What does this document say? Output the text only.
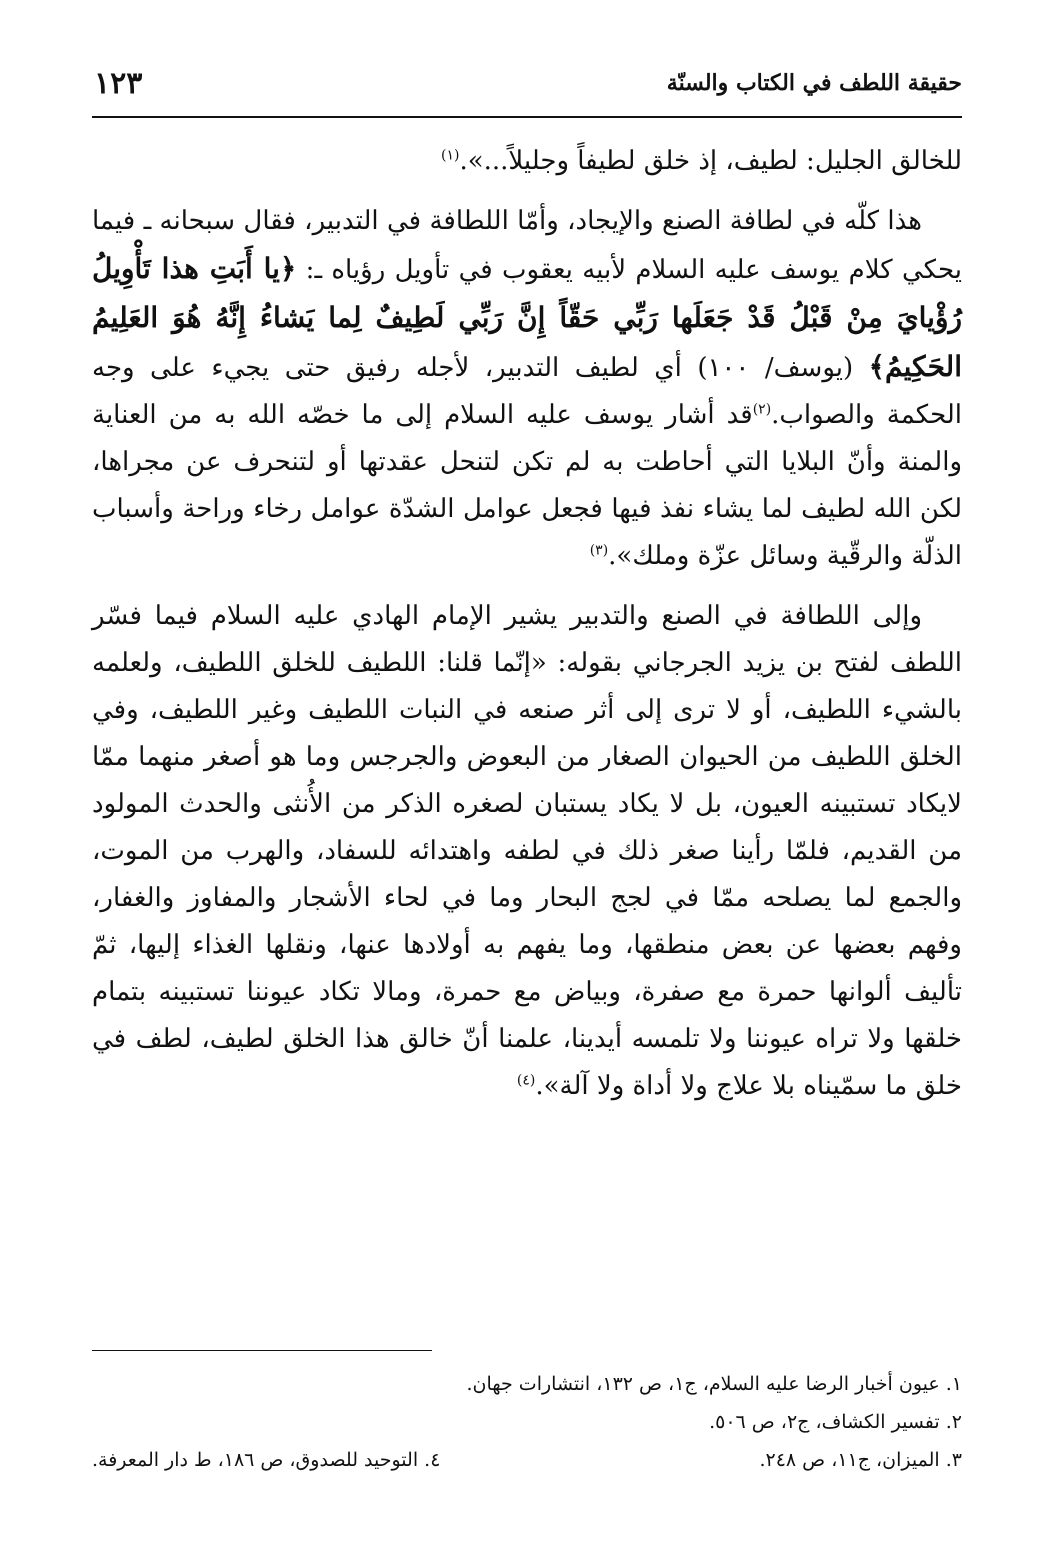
حقيقة اللطف في الكتاب والسنّة
١٢٣

للخالق الجليل: لطيف، إذ خلق لطيفاً وجليلاً...».$^{(١)}$

هذا كلّه في لطافة الصنع والإيجاد، وأمّا اللطافة في التدبير، فقال سبحانه ـ فيما يحكي كلام يوسف عليه السلام لأبيه يعقوب في تأويل رؤياه ـ: ﴿يا أَبَتِ هذا تَأْوِيلُ رُؤْيايَ مِنْ قَبْلُ قَدْ جَعَلَها رَبِّي حَقّاً إِنَّ رَبِّي لَطِيفٌ لِما يَشاءُ إِنَّهُ هُوَ العَلِيمُ الحَكِيمُ﴾ (يوسف/ ١٠٠) أي لطيف التدبير، لأجله رفيق حتى يجيء على وجه الحكمة والصواب.$^{(٢)}$قد أشار يوسف عليه السلام إلى ما خصّه الله به من العناية والمنة وأنّ البلايا التي أحاطت به لم تكن لتنحل عقدتها أو لتنحرف عن مجراها، لكن الله لطيف لما يشاء نفذ فيها فجعل عوامل الشدّة عوامل رخاء وراحة وأسباب الذلّة والرقّية وسائل عزّة وملك».$^{(٣)}$

وإلى اللطافة في الصنع والتدبير يشير الإمام الهادي عليه السلام فيما فسّر اللطف لفتح بن يزيد الجرجاني بقوله: «إنّما قلنا: اللطيف للخلق اللطيف، ولعلمه بالشيء اللطيف، أو لا ترى إلى أثر صنعه في النبات اللطيف وغير اللطيف، وفي الخلق اللطيف من الحيوان الصغار من البعوض والجرجس وما هو أصغر منهما ممّا لايكاد تستبينه العيون، بل لا يكاد يستبان لصغره الذكر من الأُنثى والحدث المولود من القديم، فلمّا رأينا صغر ذلك في لطفه واهتدائه للسفاد، والهرب من الموت، والجمع لما يصلحه ممّا في لجج البحار وما في لحاء الأشجار والمفاوز والغفار، وفهم بعضها عن بعض منطقها، وما يفهم به أولادها عنها، ونقلها الغذاء إليها، ثمّ تأليف ألوانها حمرة مع صفرة، وبياض مع حمرة، ومالا تكاد عيوننا تستبينه بتمام خلقها ولا تراه عيوننا ولا تلمسه أيدينا، علمنا أنّ خالق هذا الخلق لطيف، لطف في خلق ما سمّيناه بلا علاج ولا أداة ولا آلة».$^{(٤)}$

١. عيون أخبار الرضا عليه السلام، ج١، ص ١٣٢، انتشارات جهان.
٢. تفسير الكشاف، ج٢، ص ٥٠٦.
٣. الميزان، ج١١، ص ٢٤٨.
٤. التوحيد للصدوق، ص ١٨٦، ط دار المعرفة.
